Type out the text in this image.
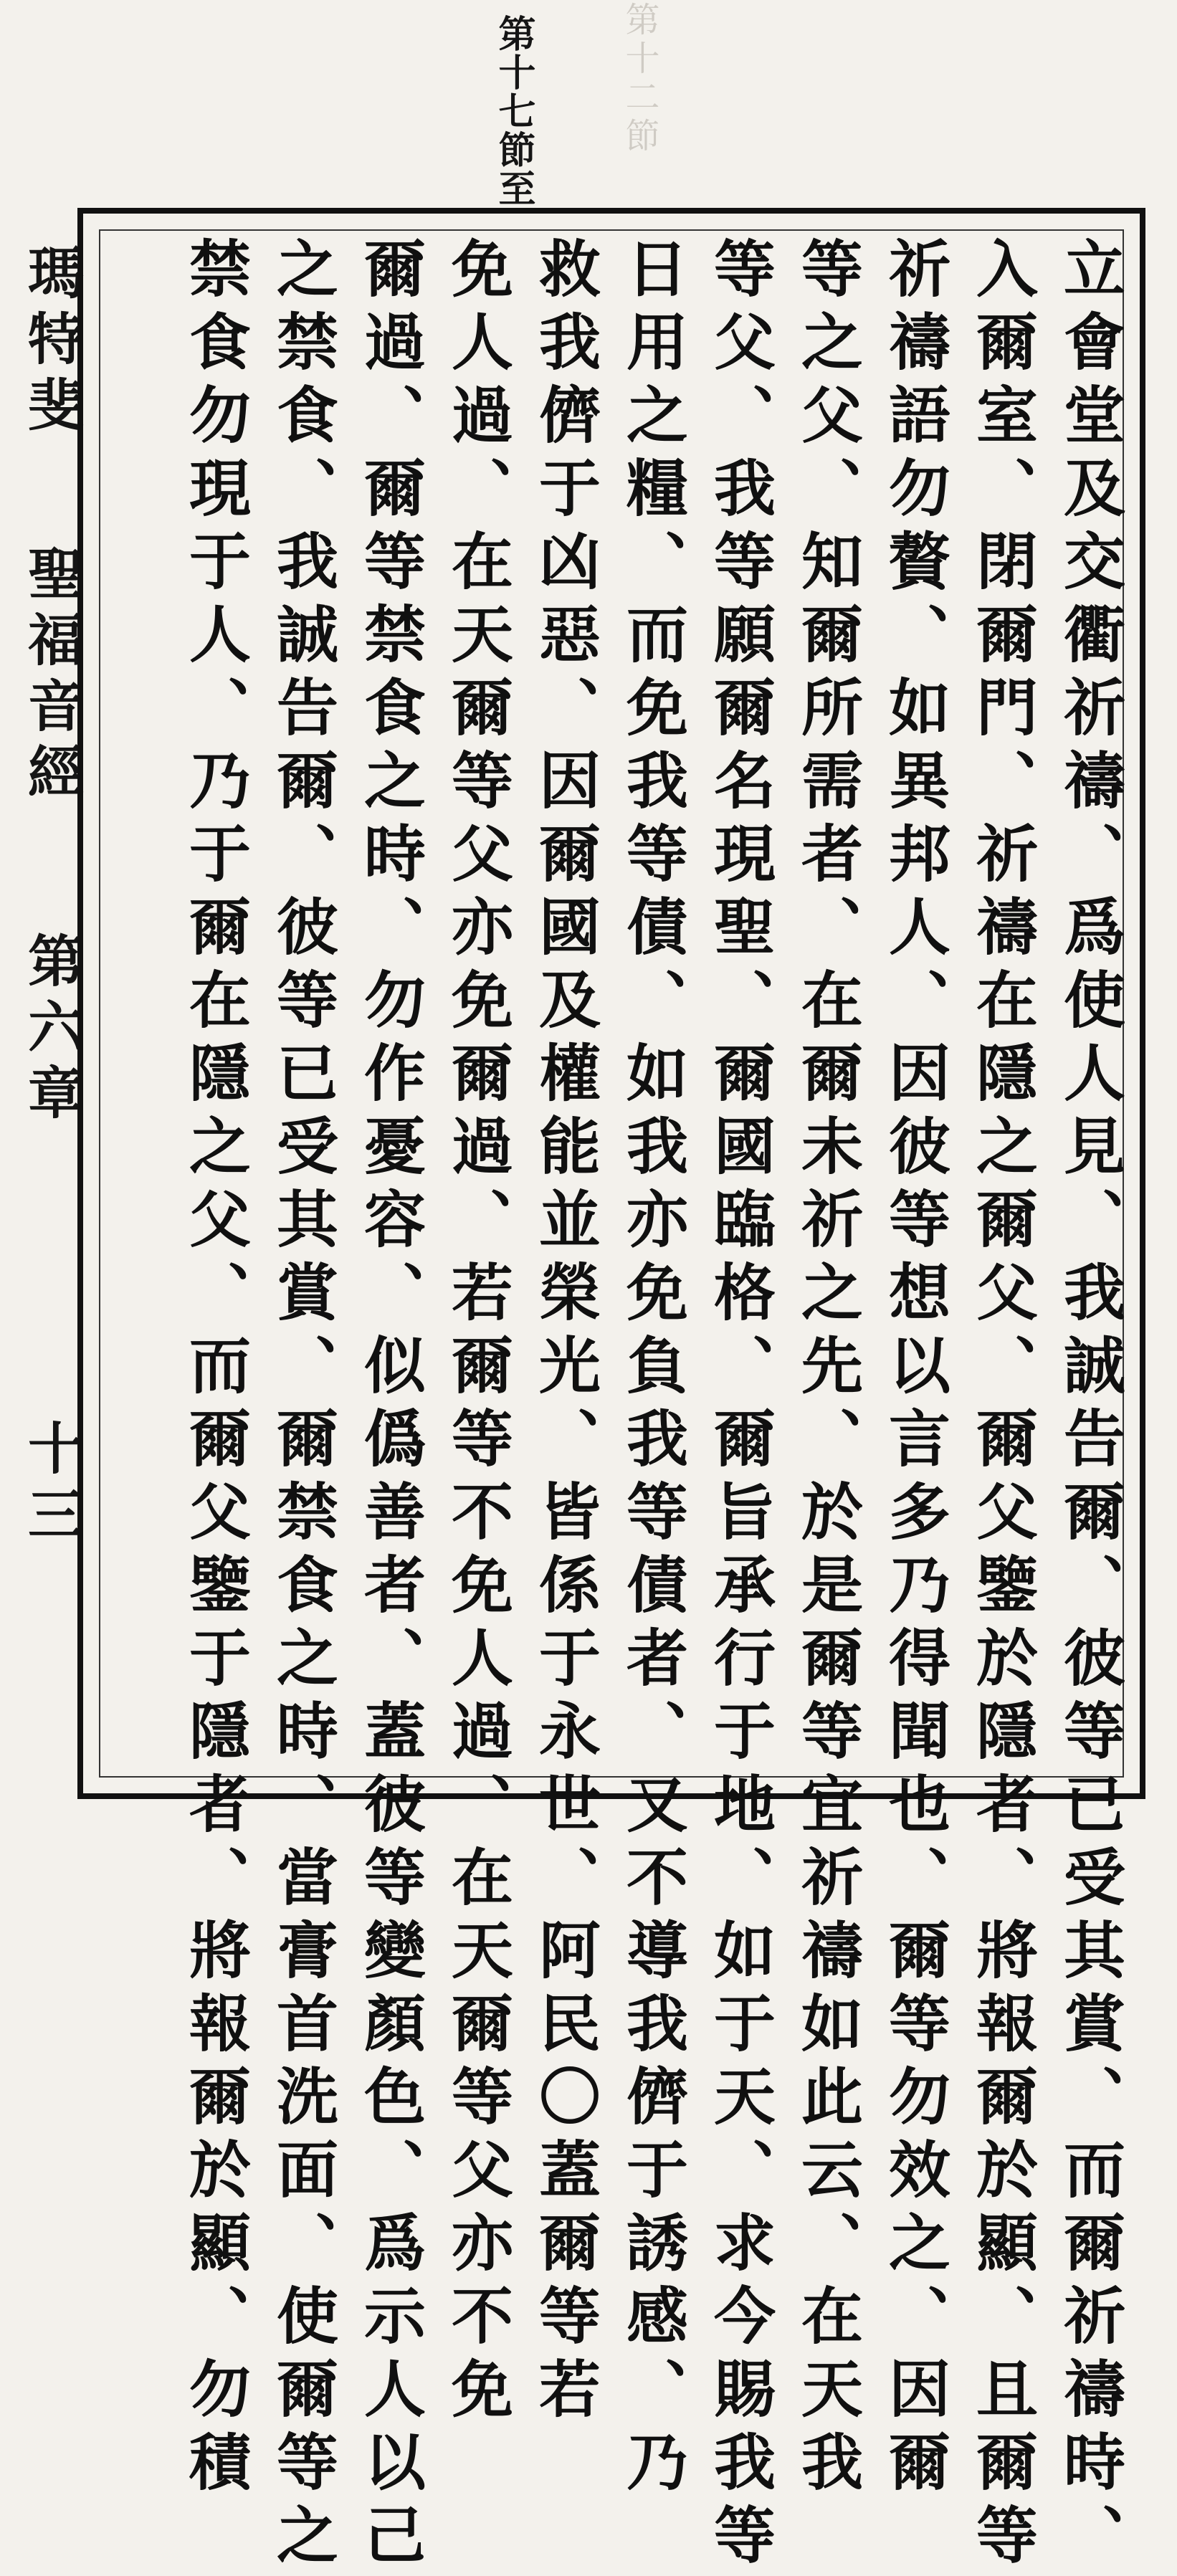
第十二節
第十七節至
瑪特斐
聖福音經
第六章
十三	立會堂及交衢祈禱、爲使人見、我誠告爾、彼等已受其賞、而爾祈禱時、
入爾室、閉爾門、祈禱在隱之爾父、爾父鑒於隱者、將報爾於顯、且爾等
祈禱語勿贅、如異邦人、因彼等想以言多乃得聞也、爾等勿效之、因爾
等之父、知爾所需者、在爾未祈之先、於是爾等宜祈禱如此云、在天我
等父、我等願爾名現聖、爾國臨格、爾旨承行于地、如于天、求今賜我等
日用之糧、而免我等債、如我亦免負我等債者、又不導我儕于誘感、乃
救我儕于凶惡、因爾國及權能並榮光、皆係于永世、阿民〇蓋爾等若
免人過、在天爾等父亦免爾過、若爾等不免人過、在天爾等父亦不免
爾過、爾等禁食之時、勿作憂容、似僞善者、蓋彼等變顏色、爲示人以己
之禁食、我誠告爾、彼等已受其賞、爾禁食之時、當膏首洗面、使爾等之
禁食勿現于人、乃于爾在隱之父、而爾父鑒于隱者、將報爾於顯、勿積
